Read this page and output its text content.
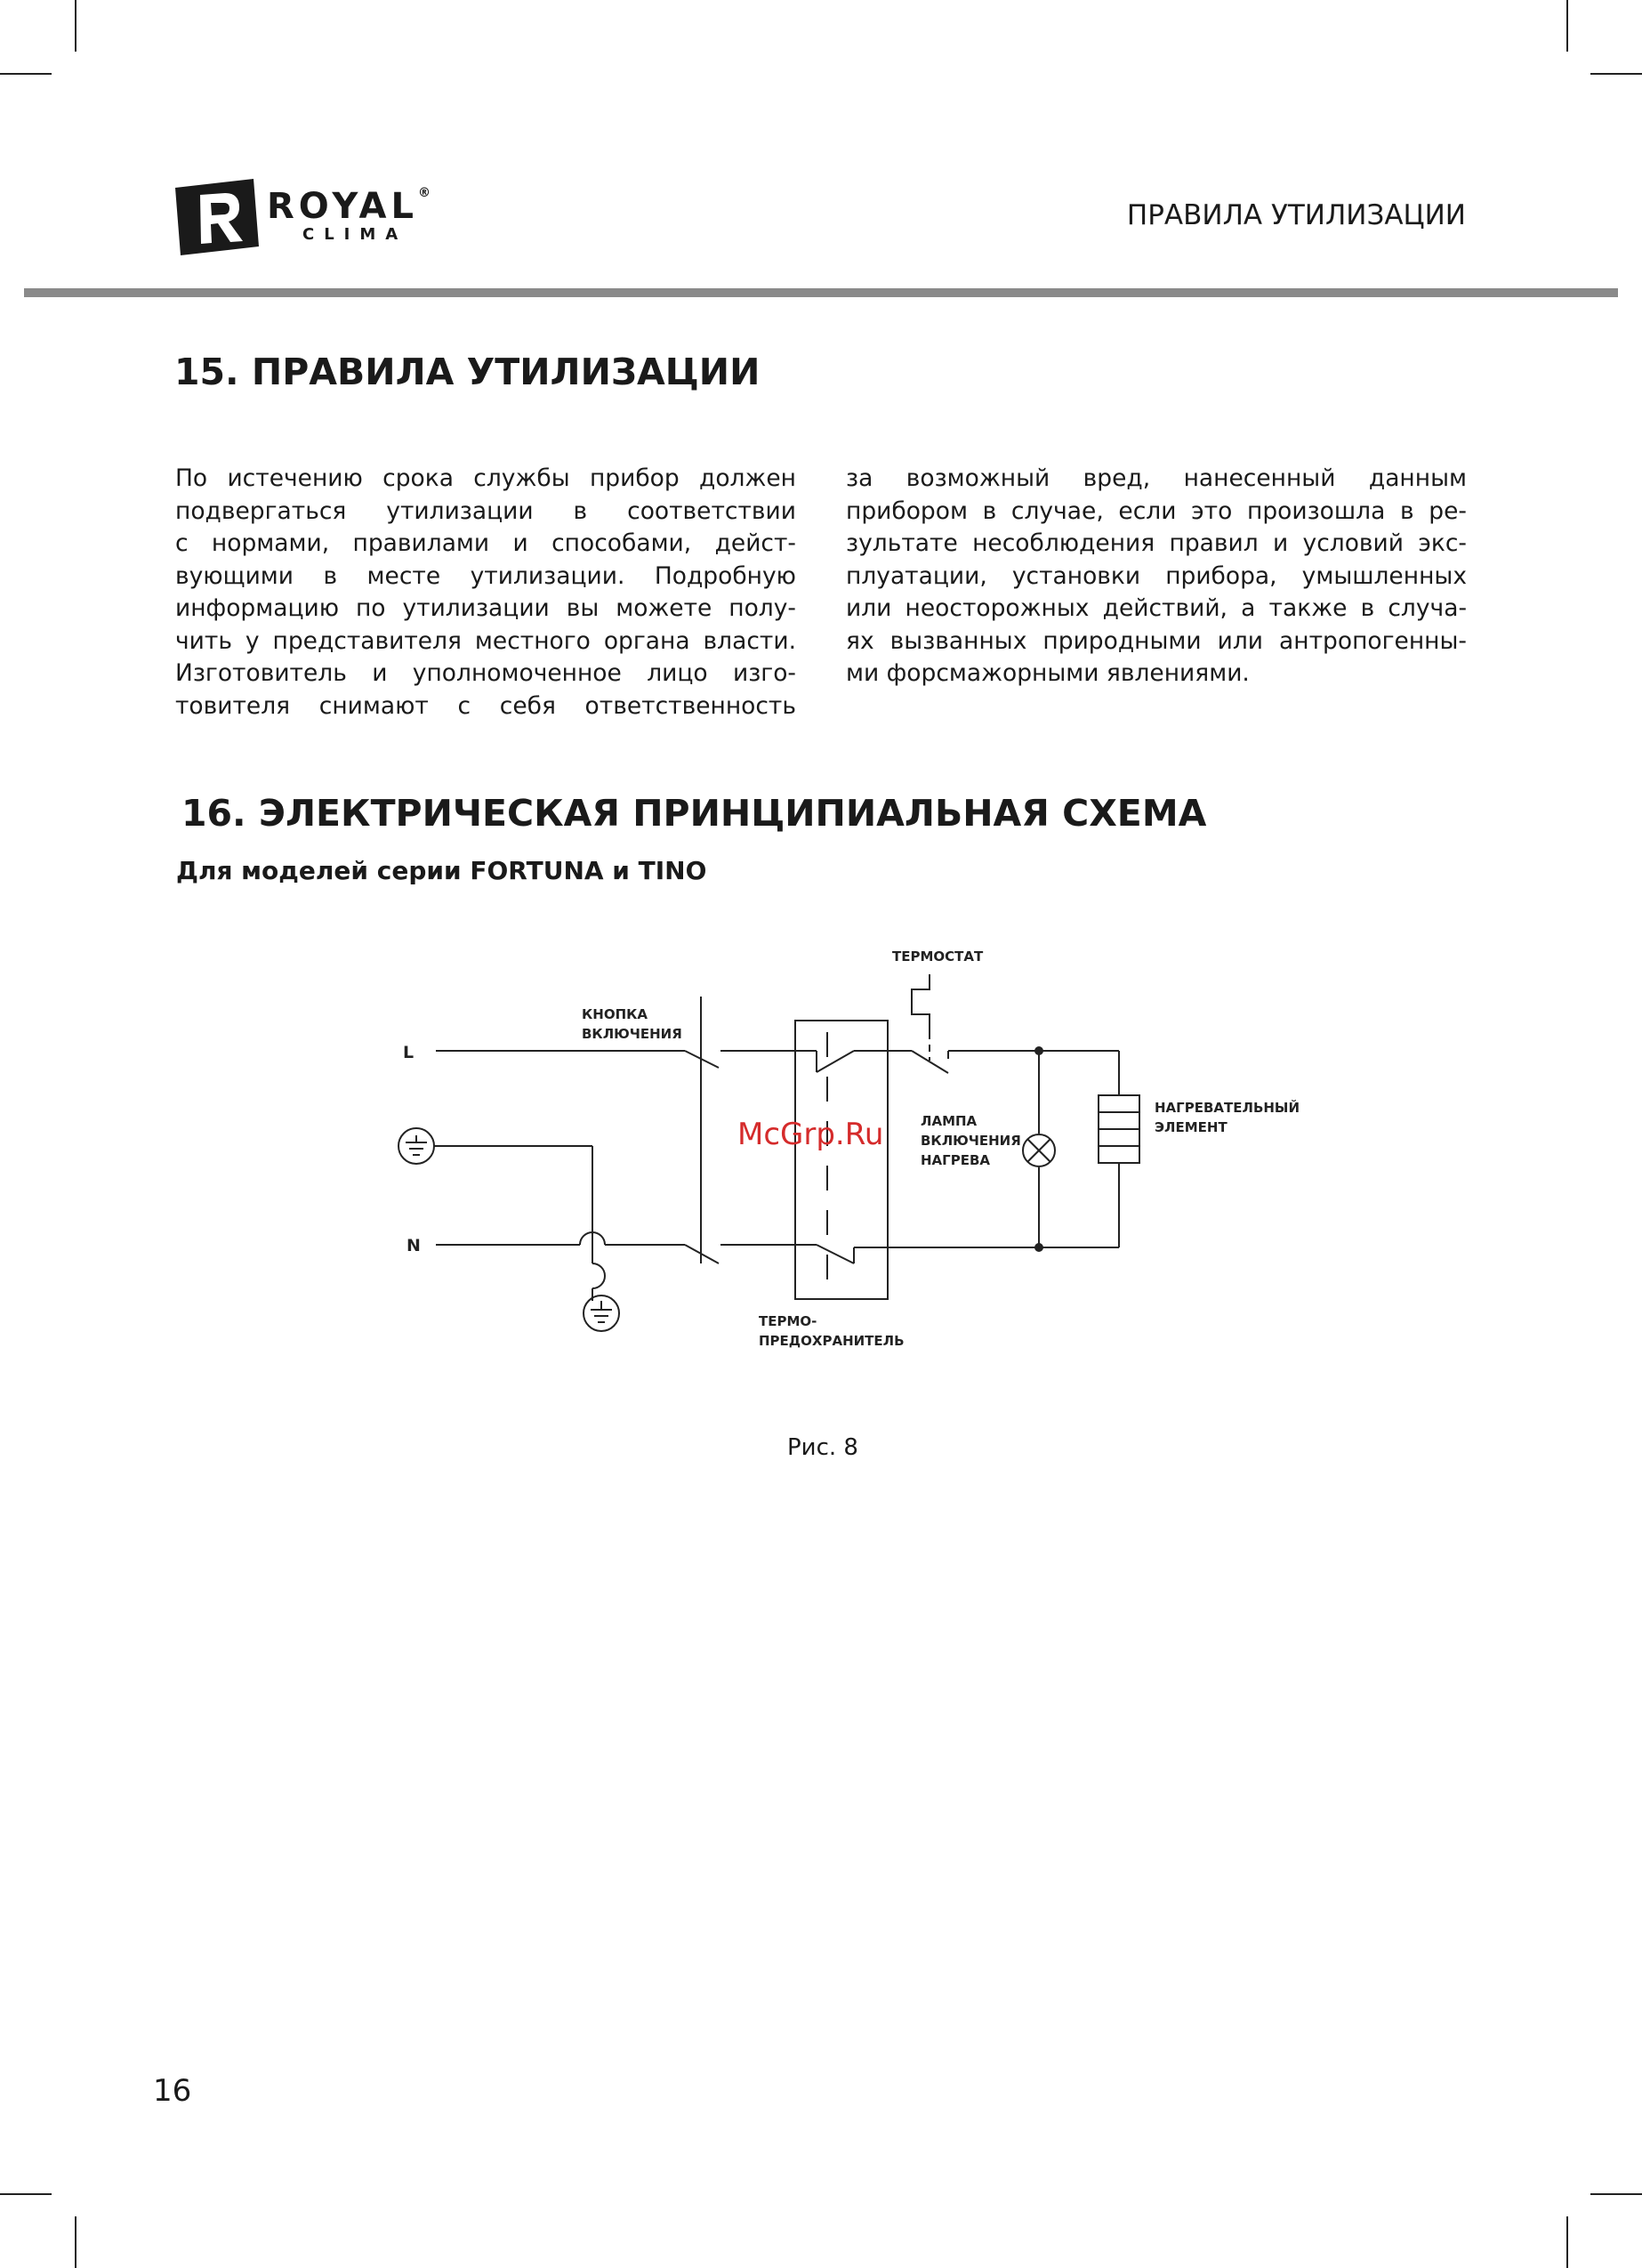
ROYAL®
CLIMA
ПРАВИЛА УТИЛИЗАЦИИ
15. ПРАВИЛА УТИЛИЗАЦИИ
По истечению срока службы прибор должен
подвергаться утилизации в соответствии
с нормами, правилами и способами, дейст-
вующими в месте утилизации. Подробную
информацию по утилизации вы можете полу-
чить у представителя местного органа власти.
Изготовитель и уполномоченное лицо изго-
товителя снимают с себя ответственность
за возможный вред, нанесенный данным
прибором в случае, если это произошла в ре-
зультате несоблюдения правил и условий экс-
плуатации, установки прибора, умышленных
или неосторожных действий, а также в случа-
ях вызванных природными или антропогенны-
ми форсмажорными явлениями.
16. ЭЛЕКТРИЧЕСКАЯ ПРИНЦИПИАЛЬНАЯ СХЕМА
Для моделей серии FORTUNA и TINO
L
N
ТЕРМОСТАТ
КНОПКА
ВКЛЮЧЕНИЯ
ЛАМПА
ВКЛЮЧЕНИЯ
НАГРЕВА
НАГРЕВАТЕЛЬНЫЙ
ЭЛЕМЕНТ
ТЕРМО-
ПРЕДОХРАНИТЕЛЬ
McGrp.Ru
Рис. 8
16
